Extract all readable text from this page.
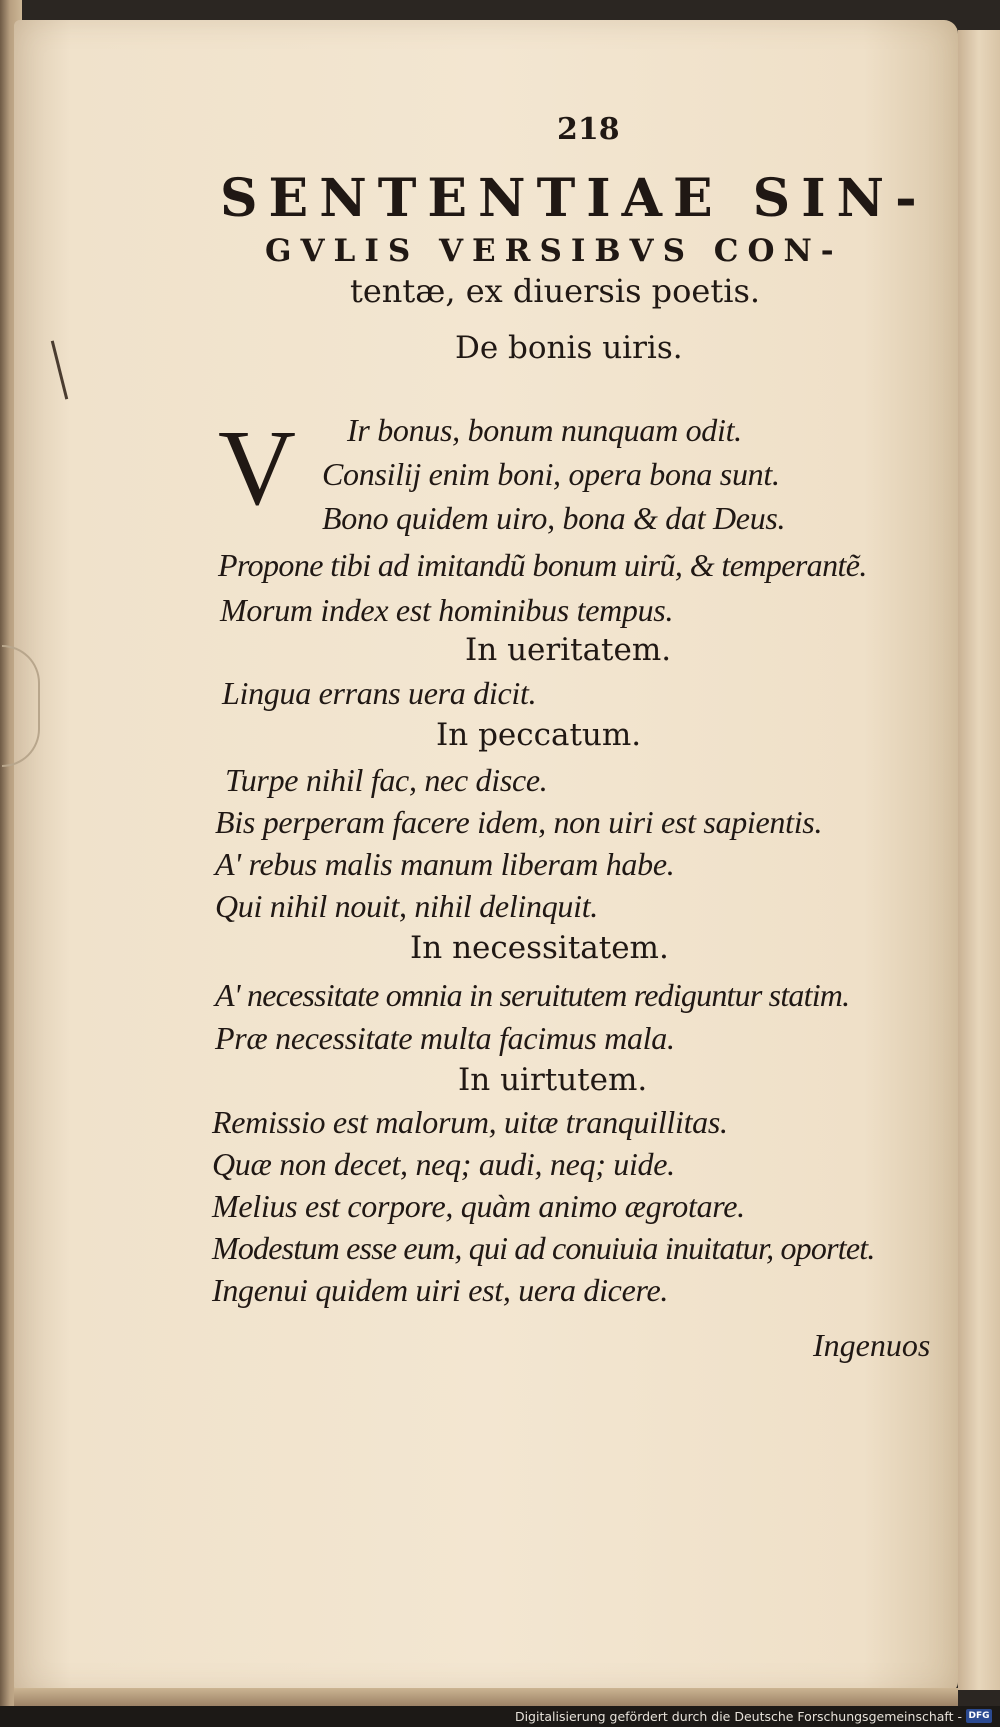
218
SENTENTIAE SIN-
GVLIS VERSIBVS CON-
tentæ, ex diuersis poetis.
De bonis uiris.
V Ir bonus, bonum nunquam odit.
Consilij enim boni, opera bona sunt.
Bono quidem uiro, bona & dat Deus.
Propone tibi ad imitandũ bonum uirũ, & temperantẽ.
Morum index est hominibus tempus.
In ueritatem.
Lingua errans uera dicit.
In peccatum.
Turpe nihil fac, nec disce.
Bis perperam facere idem, non uiri est sapientis.
A' rebus malis manum liberam habe.
Qui nihil nouit, nihil delinquit.
In necessitatem.
A' necessitate omnia in seruitutem rediguntur statim.
Præ necessitate multa facimus mala.
In uirtutem.
Remissio est malorum, uitæ tranquillitas.
Quæ non decet, neq; audi, neq; uide.
Melius est corpore, quàm animo ægrotare.
Modestum esse eum, qui ad conuiuia inuitatur, oportet.
Ingenui quidem uiri est, uera dicere.
Ingenuos
Digitalisierung gefördert durch die Deutsche Forschungsgemeinschaft - DFG
